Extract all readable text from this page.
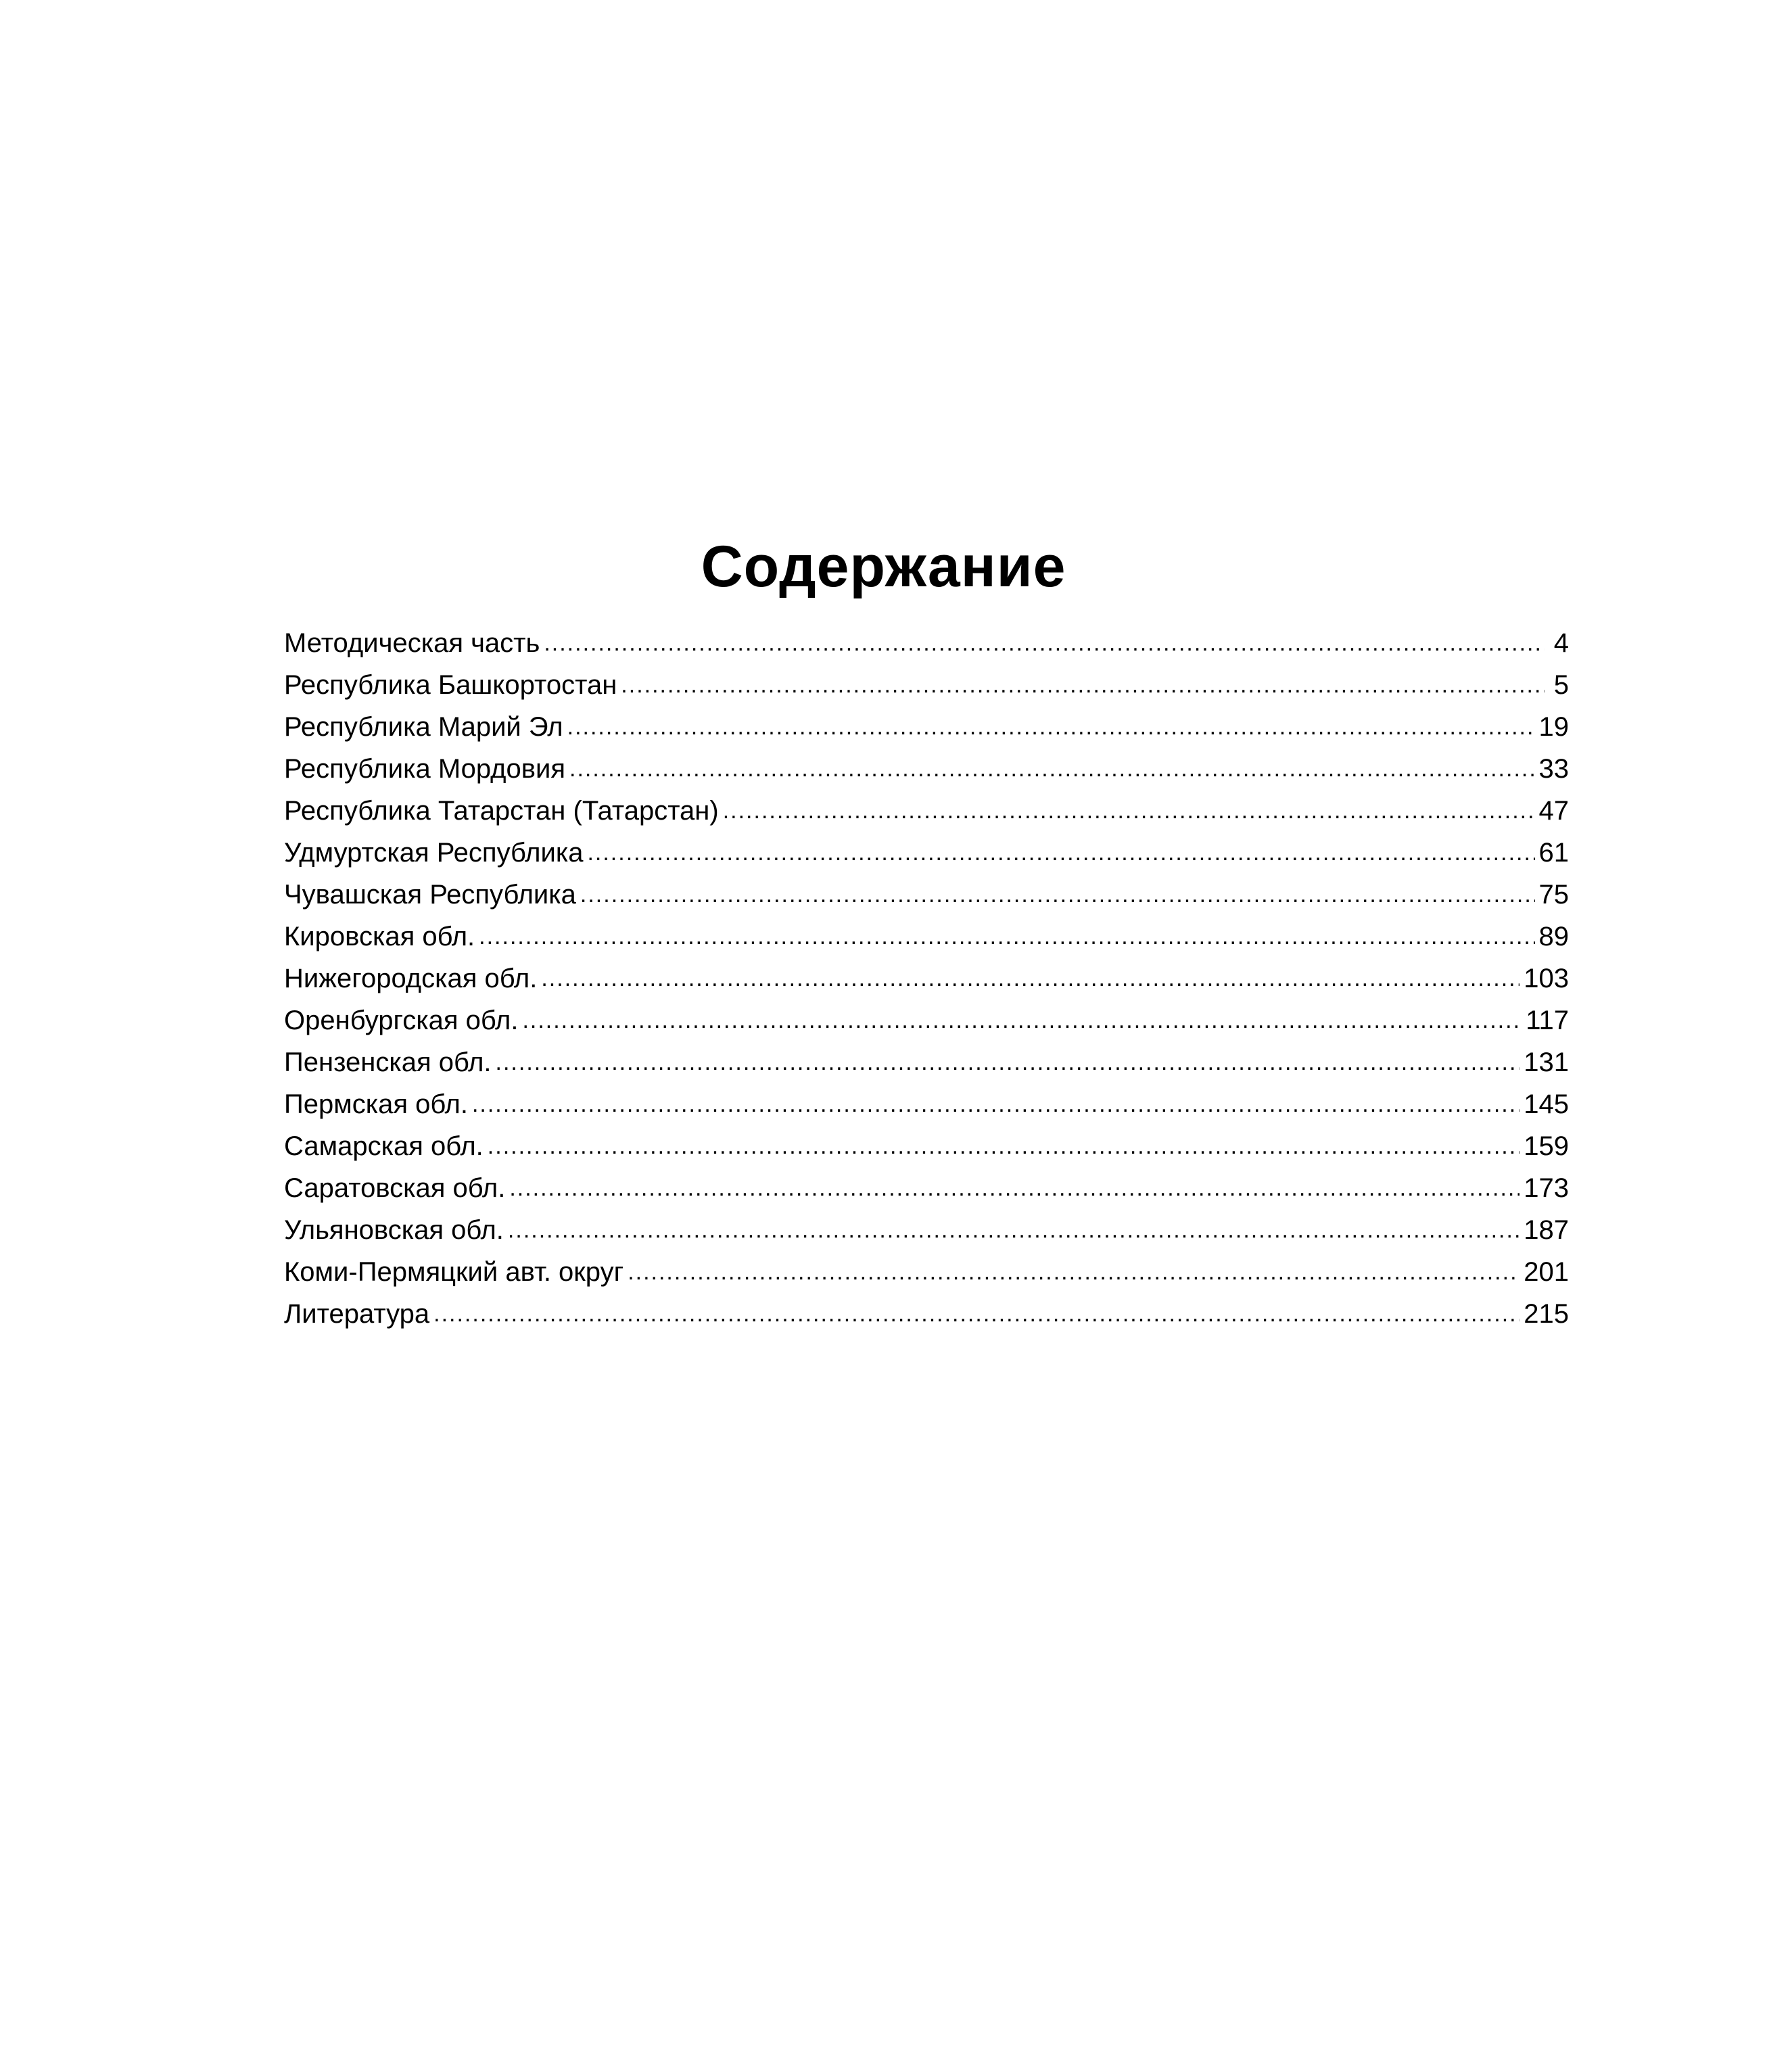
Содержание
Методическая часть .....	4
Республика Башкортостан .....	5
Республика Марий Эл .....	19
Республика Мордовия .....	33
Республика Татарстан (Татарстан) .....	47
Удмуртская Республика .....	61
Чувашская Республика .....	75
Кировская обл. .....	89
Нижегородская обл. .....	103
Оренбургская обл. .....	117
Пензенская обл. .....	131
Пермская обл. .....	145
Самарская обл. .....	159
Саратовская обл. .....	173
Ульяновская обл. .....	187
Коми-Пермяцкий авт. округ .....	201
Литература .....	215
